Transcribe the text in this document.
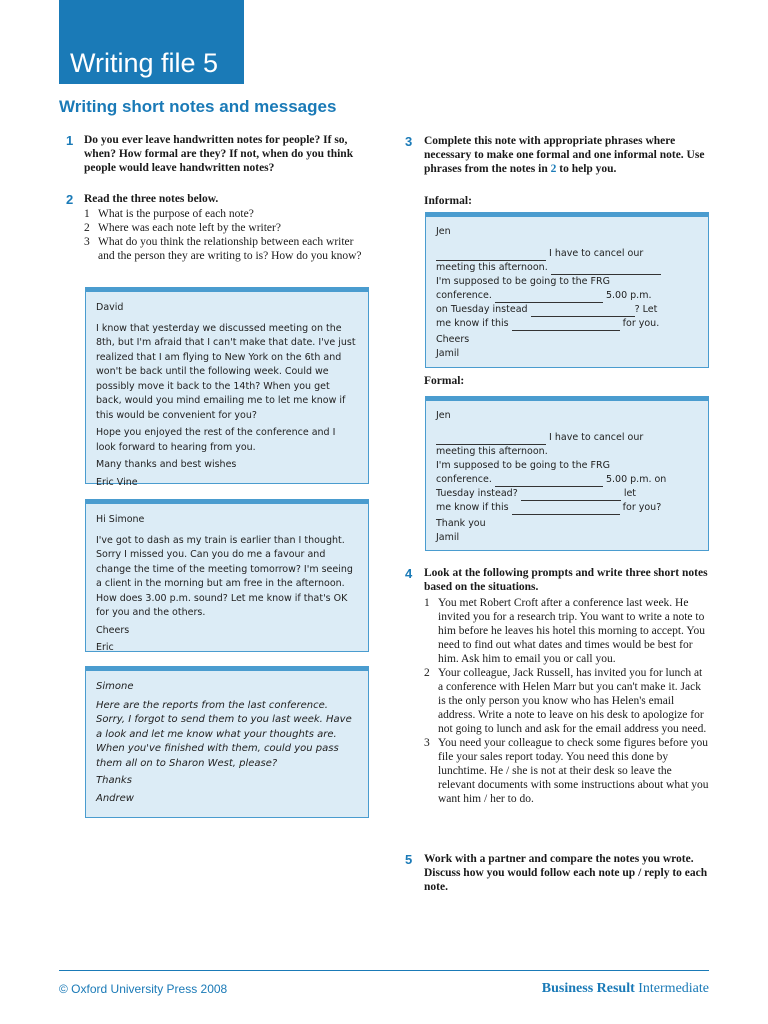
Writing file 5
Writing short notes and messages
1 Do you ever leave handwritten notes for people? If so, when? How formal are they? If not, when do you think people would leave handwritten notes?
2 Read the three notes below.
1 What is the purpose of each note?
2 Where was each note left by the writer?
3 What do you think the relationship between each writer and the person they are writing to is? How do you know?

David

I know that yesterday we discussed meeting on the 8th, but I'm afraid that I can't make that date. I've just realized that I am flying to New York on the 6th and won't be back until the following week. Could we possibly move it back to the 14th? When you get back, would you mind emailing me to let me know if this would be convenient for you?

Hope you enjoyed the rest of the conference and I look forward to hearing from you.

Many thanks and best wishes

Eric Vine

Hi Simone

I've got to dash as my train is earlier than I thought. Sorry I missed you. Can you do me a favour and change the time of the meeting tomorrow? I'm seeing a client in the morning but am free in the afternoon. How does 3.00 p.m. sound? Let me know if that's OK for you and the others.

Cheers

Eric

Simone

Here are the reports from the last conference. Sorry, I forgot to send them to you last week. Have a look and let me know what your thoughts are. When you've finished with them, could you pass them all on to Sharon West, please?

Thanks

Andrew

3 Complete this note with appropriate phrases where necessary to make one formal and one informal note. Use phrases from the notes in 2 to help you.
Informal:
Jen
I have to cancel our
meeting this afternoon.
I'm supposed to be going to the FRG
conference.	5.00 p.m.
on Tuesday instead	? Let
me know if this	for you.
Cheers
Jamil
Formal:
Jen
I have to cancel our
meeting this afternoon.
I'm supposed to be going to the FRG
conference.	5.00 p.m. on
Tuesday instead?	let
me know if this	for you?
Thank you
Jamil
4 Look at the following prompts and write three short notes based on the situations.
1 You met Robert Croft after a conference last week. He invited you for a research trip. You want to write a note to him before he leaves his hotel this morning to accept. You need to find out what dates and times would be best for him. Ask him to email you or call you.
2 Your colleague, Jack Russell, has invited you for lunch at a conference with Helen Marr but you can't make it. Jack is the only person you know who has Helen's email address. Write a note to leave on his desk to apologize for not going to lunch and ask for the email address you need.
3 You need your colleague to check some figures before you file your sales report today. You need this done by lunchtime. He / she is not at their desk so leave the relevant documents with some instructions about what you want him / her to do.
5 Work with a partner and compare the notes you wrote. Discuss how you would follow each note up / reply to each note.
© Oxford University Press 2008	Business Result Intermediate
